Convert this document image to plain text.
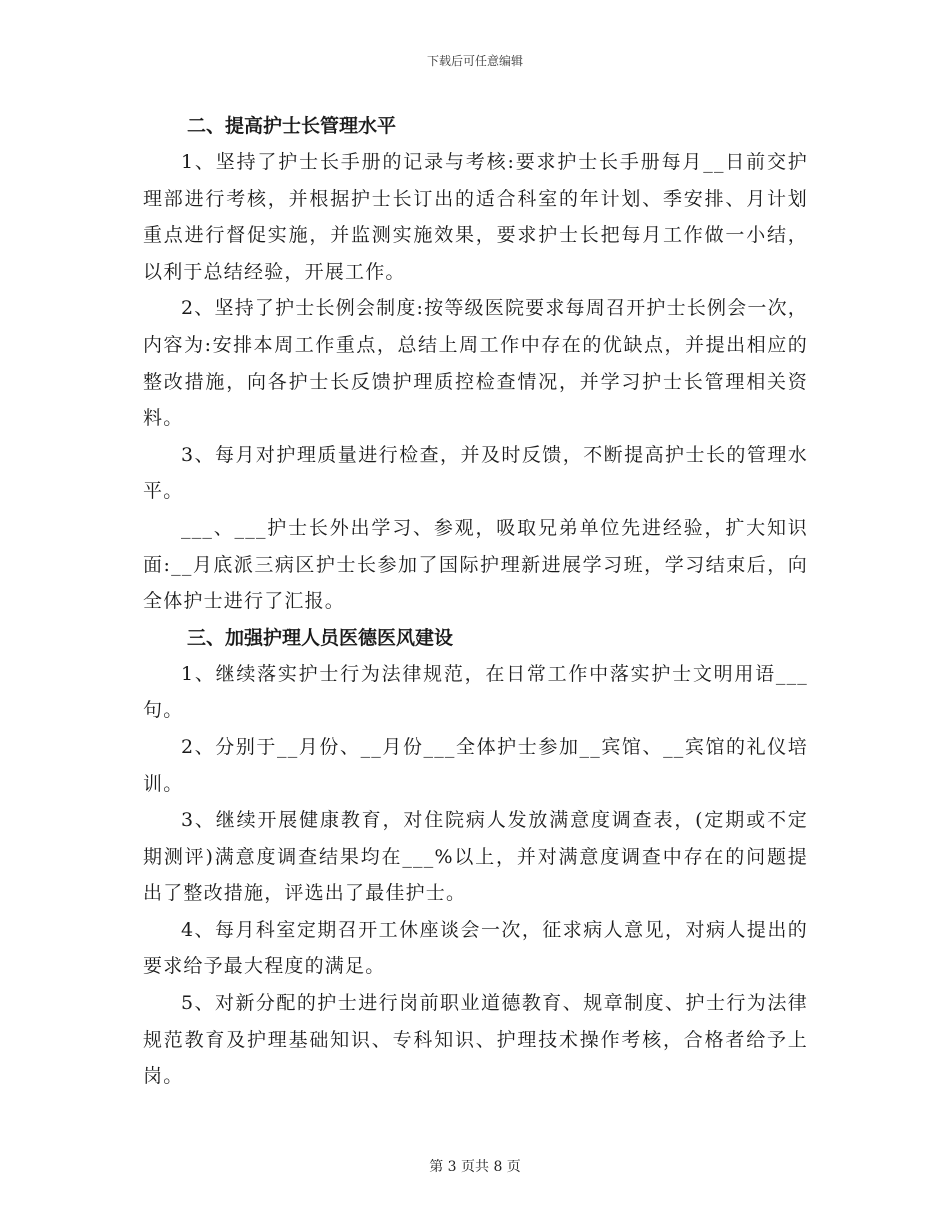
下载后可任意编辑

二、提高护士长管理水平

1、坚持了护士长手册的记录与考核:要求护士长手册每月__日前交护理部进行考核，并根据护士长订出的适合科室的年计划、季安排、月计划重点进行督促实施，并监测实施效果，要求护士长把每月工作做一小结，以利于总结经验，开展工作。

2、坚持了护士长例会制度:按等级医院要求每周召开护士长例会一次，内容为:安排本周工作重点，总结上周工作中存在的优缺点，并提出相应的整改措施，向各护士长反馈护理质控检查情况，并学习护士长管理相关资料。

3、每月对护理质量进行检查，并及时反馈，不断提高护士长的管理水平。

___、___护士长外出学习、参观，吸取兄弟单位先进经验，扩大知识面:__月底派三病区护士长参加了国际护理新进展学习班，学习结束后，向全体护士进行了汇报。

三、加强护理人员医德医风建设

1、继续落实护士行为法律规范，在日常工作中落实护士文明用语___句。

2、分别于__月份、__月份___全体护士参加__宾馆、__宾馆的礼仪培训。

3、继续开展健康教育，对住院病人发放满意度调查表，(定期或不定期测评)满意度调查结果均在___%以上，并对满意度调查中存在的问题提出了整改措施，评选出了最佳护士。

4、每月科室定期召开工休座谈会一次，征求病人意见，对病人提出的要求给予最大程度的满足。

5、对新分配的护士进行岗前职业道德教育、规章制度、护士行为法律规范教育及护理基础知识、专科知识、护理技术操作考核，合格者给予上岗。

第 3 页共 8 页
